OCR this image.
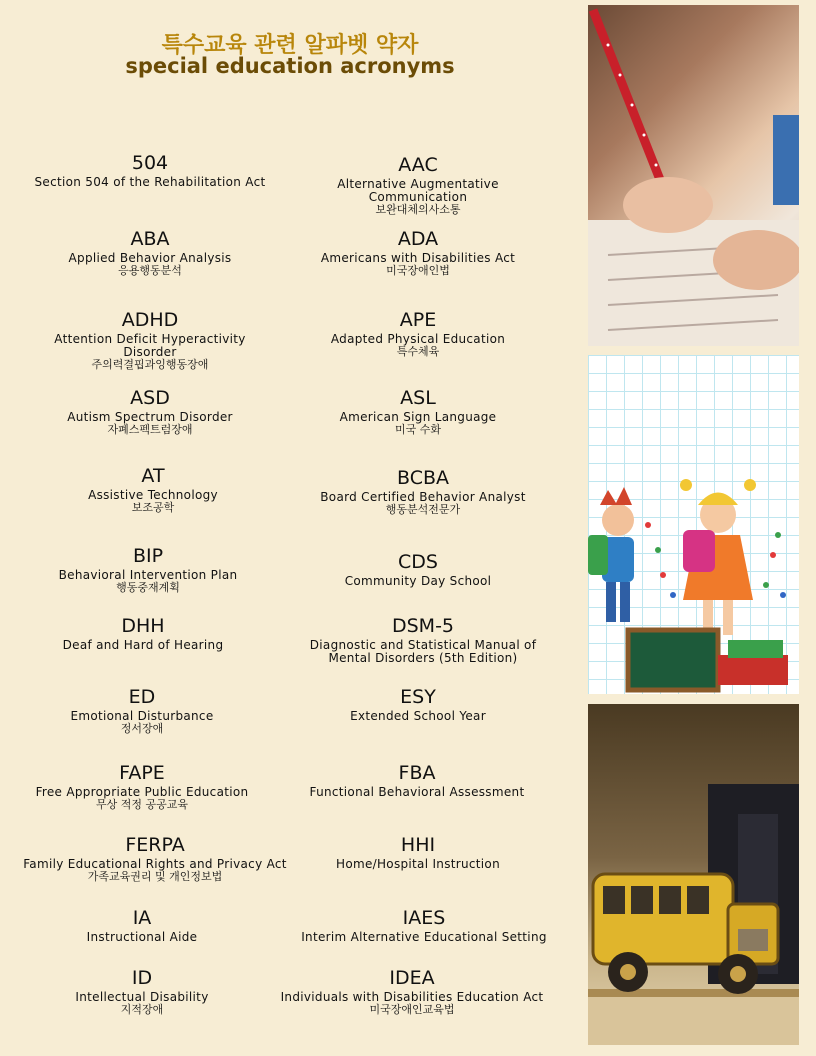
특수교육 관련 알파벳 약자
special education acronyms
504
Section 504 of the Rehabilitation Act
AAC
Alternative Augmentative Communication
보완대체의사소통
ABA
Applied Behavior Analysis
응용행동분석
ADA
Americans with Disabilities Act
미국장애인법
ADHD
Attention Deficit Hyperactivity Disorder
주의력결핍과잉행동장애
APE
Adapted Physical Education
특수체육
ASD
Autism Spectrum Disorder
자폐스펙트럼장애
ASL
American Sign Language
미국 수화
AT
Assistive Technology
보조공학
BCBA
Board Certified Behavior Analyst
행동분석전문가
BIP
Behavioral Intervention Plan
행동중재계획
CDS
Community Day School
DHH
Deaf and Hard of Hearing
DSM-5
Diagnostic and Statistical Manual of
Mental Disorders (5th Edition)
ED
Emotional Disturbance
정서장애
ESY
Extended School Year
FAPE
Free Appropriate Public Education
무상 적정 공공교육
FBA
Functional Behavioral Assessment
FERPA
Family Educational Rights and Privacy Act
가족교육권리 및 개인정보법
HHI
Home/Hospital Instruction
IA
Instructional Aide
IAES
Interim Alternative Educational Setting
ID
Intellectual Disability
지적장애
IDEA
Individuals with Disabilities Education Act
미국장애인교육법
